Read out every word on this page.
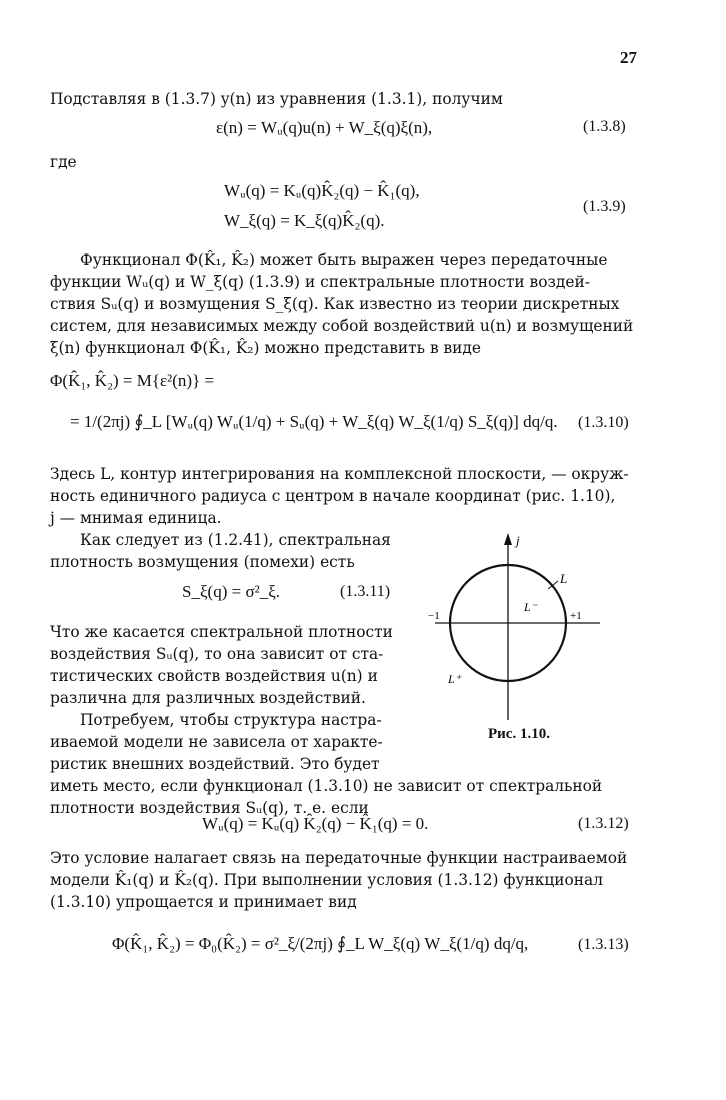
27
Подставляя в (1.3.7) y(n) из уравнения (1.3.1), получим
ε(n) = Wᵤ(q)u(n) + W_ξ(q)ξ(n),	(1.3.8)
где
Wᵤ(q) = Kᵤ(q)K̂₂(q) − K̂₁(q),
W_ξ(q) = K_ξ(q)K̂₂(q).
(1.3.9)
Функционал Φ(K̂₁, K̂₂) может быть выражен через передаточные
функции Wᵤ(q) и W_ξ(q) (1.3.9) и спектральные плотности воздей-
ствия Sᵤ(q) и возмущения S_ξ(q). Как известно из теории дискретных
систем, для независимых между собой воздействий u(n) и возмущений
ξ(n) функционал Φ(K̂₁, K̂₂) можно представить в виде
Φ(K̂₁, K̂₂) = M{ε²(n)} =
= 1/(2πj) ∮_L [Wᵤ(q) Wᵤ(1/q) + Sᵤ(q) + W_ξ(q) W_ξ(1/q) S_ξ(q)] dq/q. (1.3.10)
Здесь L, контур интегрирования на комплексной плоскости, — окруж-
ность единичного радиуса с центром в начале координат (рис. 1.10),
j — мнимая единица.
Как следует из (1.2.41), спектральная
плотность возмущения (помехи) есть
S_ξ(q) = σ²_ξ.	(1.3.11)
Что же касается спектральной плотности
воздействия Sᵤ(q), то она зависит от ста-
тистических свойств воздействия u(n) и
различна для различных воздействий.
Потребуем, чтобы структура настра-
иваемой модели не зависела от характе-
ристик внешних воздействий. Это будет
иметь место, если функционал (1.3.10) не зависит от спектральной
плотности воздействия Sᵤ(q), т. е. если
Wᵤ(q) = Kᵤ(q) K̂₂(q) − K̂₁(q) = 0.	(1.3.12)
Это условие налагает связь на передаточные функции настраиваемой
модели K̂₁(q) и K̂₂(q). При выполнении условия (1.3.12) функционал
(1.3.10) упрощается и принимает вид
Φ(K̂₁, K̂₂) = Φ₀(K̂₂) = σ²_ξ/(2πj) ∮_L W_ξ(q) W_ξ(1/q) dq/q,	(1.3.13)
j
L
L⁻
L⁺
−1	+1
Рис. 1.10.
